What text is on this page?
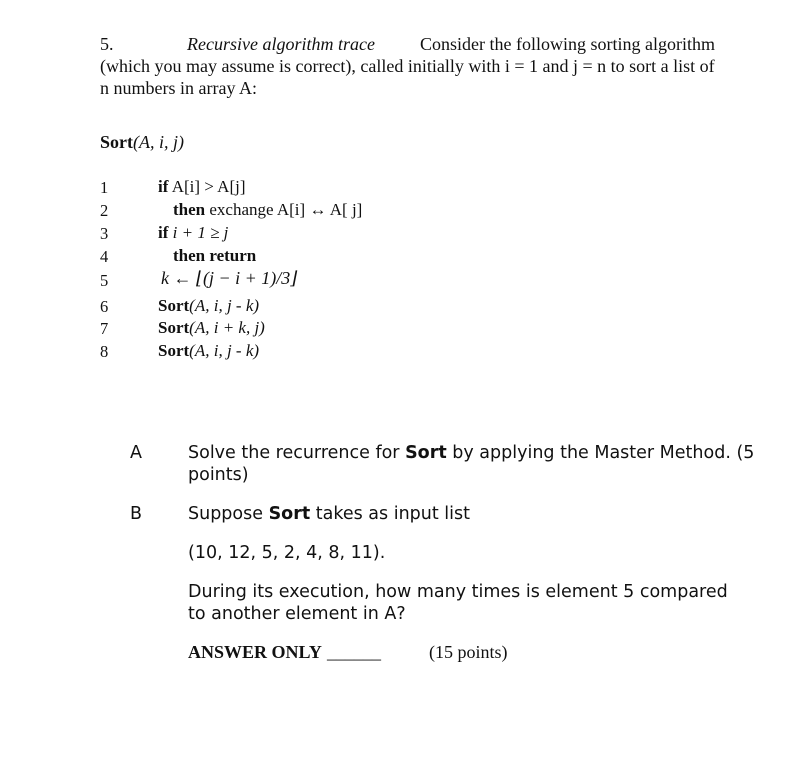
5.	Recursive algorithm trace	Consider the following sorting algorithm
(which you may assume is correct), called initially with i = 1 and j = n to sort a list of
n numbers in array A:
Sort(A, i, j)
1	if A[i] > A[j]
2	then exchange A[i] ↔ A[ j]
3	if i + 1 ≥ j
4	then return
5	k ← ⌊(j − i + 1)/3⌋
6	Sort(A, i, j - k)
7	Sort(A, i + k, j)
8	Sort(A, i, j - k)
A	Solve the recurrence for Sort by applying the Master Method. (5
points)
B	Suppose Sort takes as input list
(10, 12, 5, 2, 4, 8, 11).
During its execution, how many times is element 5 compared
to another element in A?
ANSWER ONLY ______	(15 points)
